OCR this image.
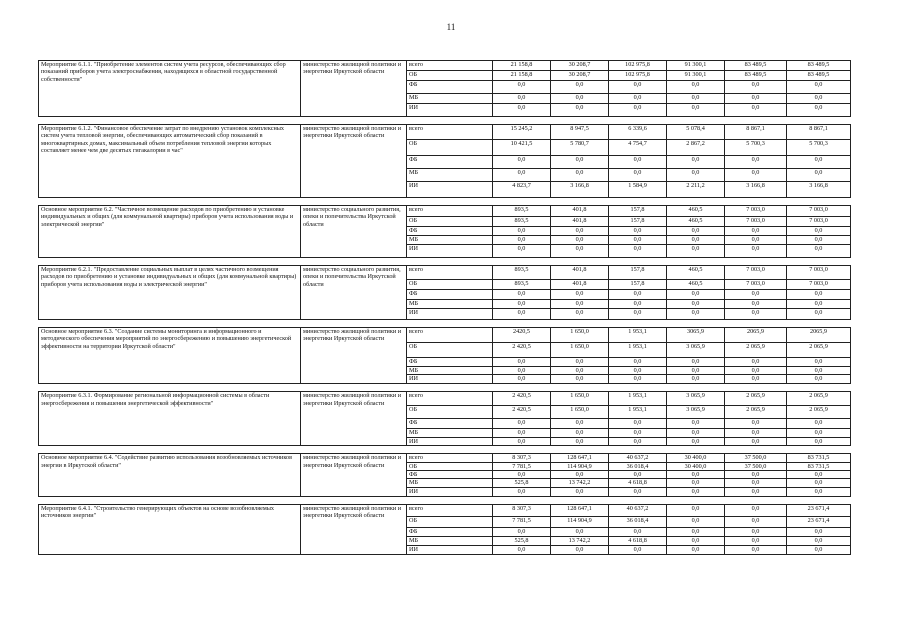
11
Мероприятие 6.1.1. "Приобретение элементов систем учета ресурсов, обеспечивающих сбор показаний приборов учета электроснабжения, находящихся в областной государственной собственности"	министерство жилищной политики и энергетики Иркутской области	всего	21 158,8	30 208,7	102 975,8	91 300,1	83 489,5	83 489,5
		ОБ	21 158,8	30 208,7	102 975,8	91 300,1	83 489,5	83 489,5
		ФБ	0,0	0,0	0,0	0,0	0,0	0,0
		МБ	0,0	0,0	0,0	0,0	0,0	0,0
		ИИ	0,0	0,0	0,0	0,0	0,0	0,0

Мероприятие 6.1.2. "Финансовое обеспечение затрат по внедрению установок комплексных систем учета тепловой энергии, обеспечивающих автоматический сбор показаний в многоквартирных домах, максимальный объем потребления тепловой энергии которых составляет менее чем две десятых гигакалории в час"	министерство жилищной политики и энергетики Иркутской области	всего	15 245,2	8 947,5	6 339,6	5 078,4	8 867,1	8 867,1
		ОБ	10 421,5	5 780,7	4 754,7	2 867,2	5 700,3	5 700,3
		ФБ	0,0	0,0	0,0	0,0	0,0	0,0
		МБ	0,0	0,0	0,0	0,0	0,0	0,0
		ИИ	4 823,7	3 166,8	1 584,9	2 211,2	3 166,8	3 166,8

Основное мероприятие 6.2. "Частичное возмещение расходов по приобретению и установке индивидуальных и общих (для коммунальной квартиры) приборов учета использования воды и электрической энергии"	министерство социального развития, опеки и попечительства Иркутской области	всего	893,5	401,8	157,8	460,5	7 003,0	7 003,0
		ОБ	893,5	401,8	157,8	460,5	7 003,0	7 003,0
		ФБ	0,0	0,0	0,0	0,0	0,0	0,0
		МБ	0,0	0,0	0,0	0,0	0,0	0,0
		ИИ	0,0	0,0	0,0	0,0	0,0	0,0

Мероприятие 6.2.1. "Предоставление социальных выплат в целях частичного возмещения расходов по приобретению и установке индивидуальных и общих (для коммунальной квартиры) приборов учета использования воды и электрической энергии"	министерство социального развития, опеки и попечительства Иркутской области	всего	893,5	401,8	157,8	460,5	7 003,0	7 003,0
		ОБ	893,5	401,8	157,8	460,5	7 003,0	7 003,0
		ФБ	0,0	0,0	0,0	0,0	0,0	0,0
		МБ	0,0	0,0	0,0	0,0	0,0	0,0
		ИИ	0,0	0,0	0,0	0,0	0,0	0,0

Основное мероприятие 6.3. "Создание системы мониторинга и информационного и методического обеспечения мероприятий по энергосбережению и повышению энергетической эффективности на территории Иркутской области"	министерство жилищной политики и энергетики Иркутской области	всего	2420,5	1 650,0	1 953,1	3065,9	2065,9	2065,9
		ОБ	2 420,5	1 650,0	1 953,1	3 065,9	2 065,9	2 065,9
		ФБ	0,0	0,0	0,0	0,0	0,0	0,0
		МБ	0,0	0,0	0,0	0,0	0,0	0,0
		ИИ	0,0	0,0	0,0	0,0	0,0	0,0

Мероприятие 6.3.1. Формирование региональной информационной системы в области энергосбережения и повышения энергетической эффективности"	министерство жилищной политики и энергетики Иркутской области	всего	2 420,5	1 650,0	1 953,1	3 065,9	2 065,9	2 065,9
		ОБ	2 420,5	1 650,0	1 953,1	3 065,9	2 065,9	2 065,9
		ФБ	0,0	0,0	0,0	0,0	0,0	0,0
		МБ	0,0	0,0	0,0	0,0	0,0	0,0
		ИИ	0,0	0,0	0,0	0,0	0,0	0,0

Основное мероприятие 6.4. "Содействие развитию использования возобновляемых источников энергии в Иркутской области"	министерство жилищной политики и энергетики Иркутской области	всего	8 307,3	128 647,1	40 637,2	30 400,0	37 500,0	83 731,5
		ОБ	7 781,5	114 904,9	36 018,4	30 400,0	37 500,0	83 731,5
		ФБ	0,0	0,0	0,0	0,0	0,0	0,0
		МБ	525,8	13 742,2	4 618,8	0,0	0,0	0,0
		ИИ	0,0	0,0	0,0	0,0	0,0	0,0

Мероприятие 6.4.1. "Строительство генерирующих объектов на основе возобновляемых источников энергии"	министерство жилищной политики и энергетики Иркутской области	всего	8 307,3	128 647,1	40 637,2	0,0	0,0	23 671,4
		ОБ	7 781,5	114 904,9	36 018,4	0,0	0,0	23 671,4
		ФБ	0,0	0,0	0,0	0,0	0,0	0,0
		МБ	525,8	13 742,2	4 618,8	0,0	0,0	0,0
		ИИ	0,0	0,0	0,0	0,0	0,0	0,0
